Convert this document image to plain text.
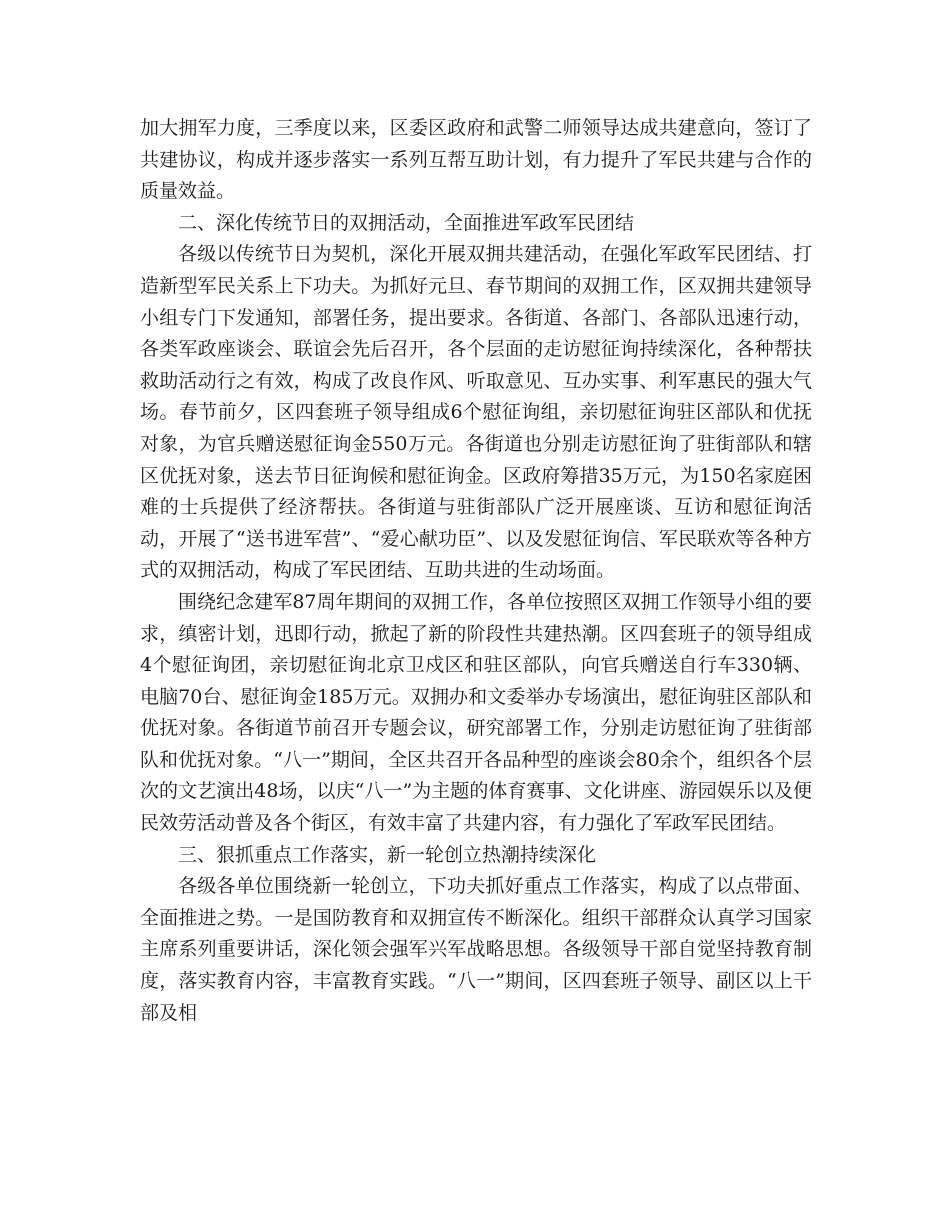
加大拥军力度，三季度以来，区委区政府和武警二师领导达成共建意向，签订了共建协议，构成并逐步落实一系列互帮互助计划，有力提升了军民共建与合作的质量效益。

二、深化传统节日的双拥活动，全面推进军政军民团结

各级以传统节日为契机，深化开展双拥共建活动，在强化军政军民团结、打造新型军民关系上下功夫。为抓好元旦、春节期间的双拥工作，区双拥共建领导小组专门下发通知，部署任务，提出要求。各街道、各部门、各部队迅速行动，各类军政座谈会、联谊会先后召开，各个层面的走访慰征询持续深化，各种帮扶救助活动行之有效，构成了改良作风、听取意见、互办实事、利军惠民的强大气场。春节前夕，区四套班子领导组成6个慰征询组，亲切慰征询驻区部队和优抚对象，为官兵赠送慰征询金550万元。各街道也分别走访慰征询了驻街部队和辖区优抚对象，送去节日征询候和慰征询金。区政府筹措35万元，为150名家庭困难的士兵提供了经济帮扶。各街道与驻街部队广泛开展座谈、互访和慰征询活动，开展了“送书进军营”、“爱心献功臣”、以及发慰征询信、军民联欢等各种方式的双拥活动，构成了军民团结、互助共进的生动场面。

围绕纪念建军87周年期间的双拥工作，各单位按照区双拥工作领导小组的要求，缜密计划，迅即行动，掀起了新的阶段性共建热潮。区四套班子的领导组成4个慰征询团，亲切慰征询北京卫戍区和驻区部队，向官兵赠送自行车330辆、电脑70台、慰征询金185万元。双拥办和文委举办专场演出，慰征询驻区部队和优抚对象。各街道节前召开专题会议，研究部署工作，分别走访慰征询了驻街部队和优抚对象。“八一”期间，全区共召开各品种型的座谈会80余个，组织各个层次的文艺演出48场，以庆“八一”为主题的体育赛事、文化讲座、游园娱乐以及便民效劳活动普及各个街区，有效丰富了共建内容，有力强化了军政军民团结。

三、狠抓重点工作落实，新一轮创立热潮持续深化

各级各单位围绕新一轮创立，下功夫抓好重点工作落实，构成了以点带面、全面推进之势。一是国防教育和双拥宣传不断深化。组织干部群众认真学习国家主席系列重要讲话，深化领会强军兴军战略思想。各级领导干部自觉坚持教育制度，落实教育内容，丰富教育实践。“八一”期间，区四套班子领导、副区以上干部及相
